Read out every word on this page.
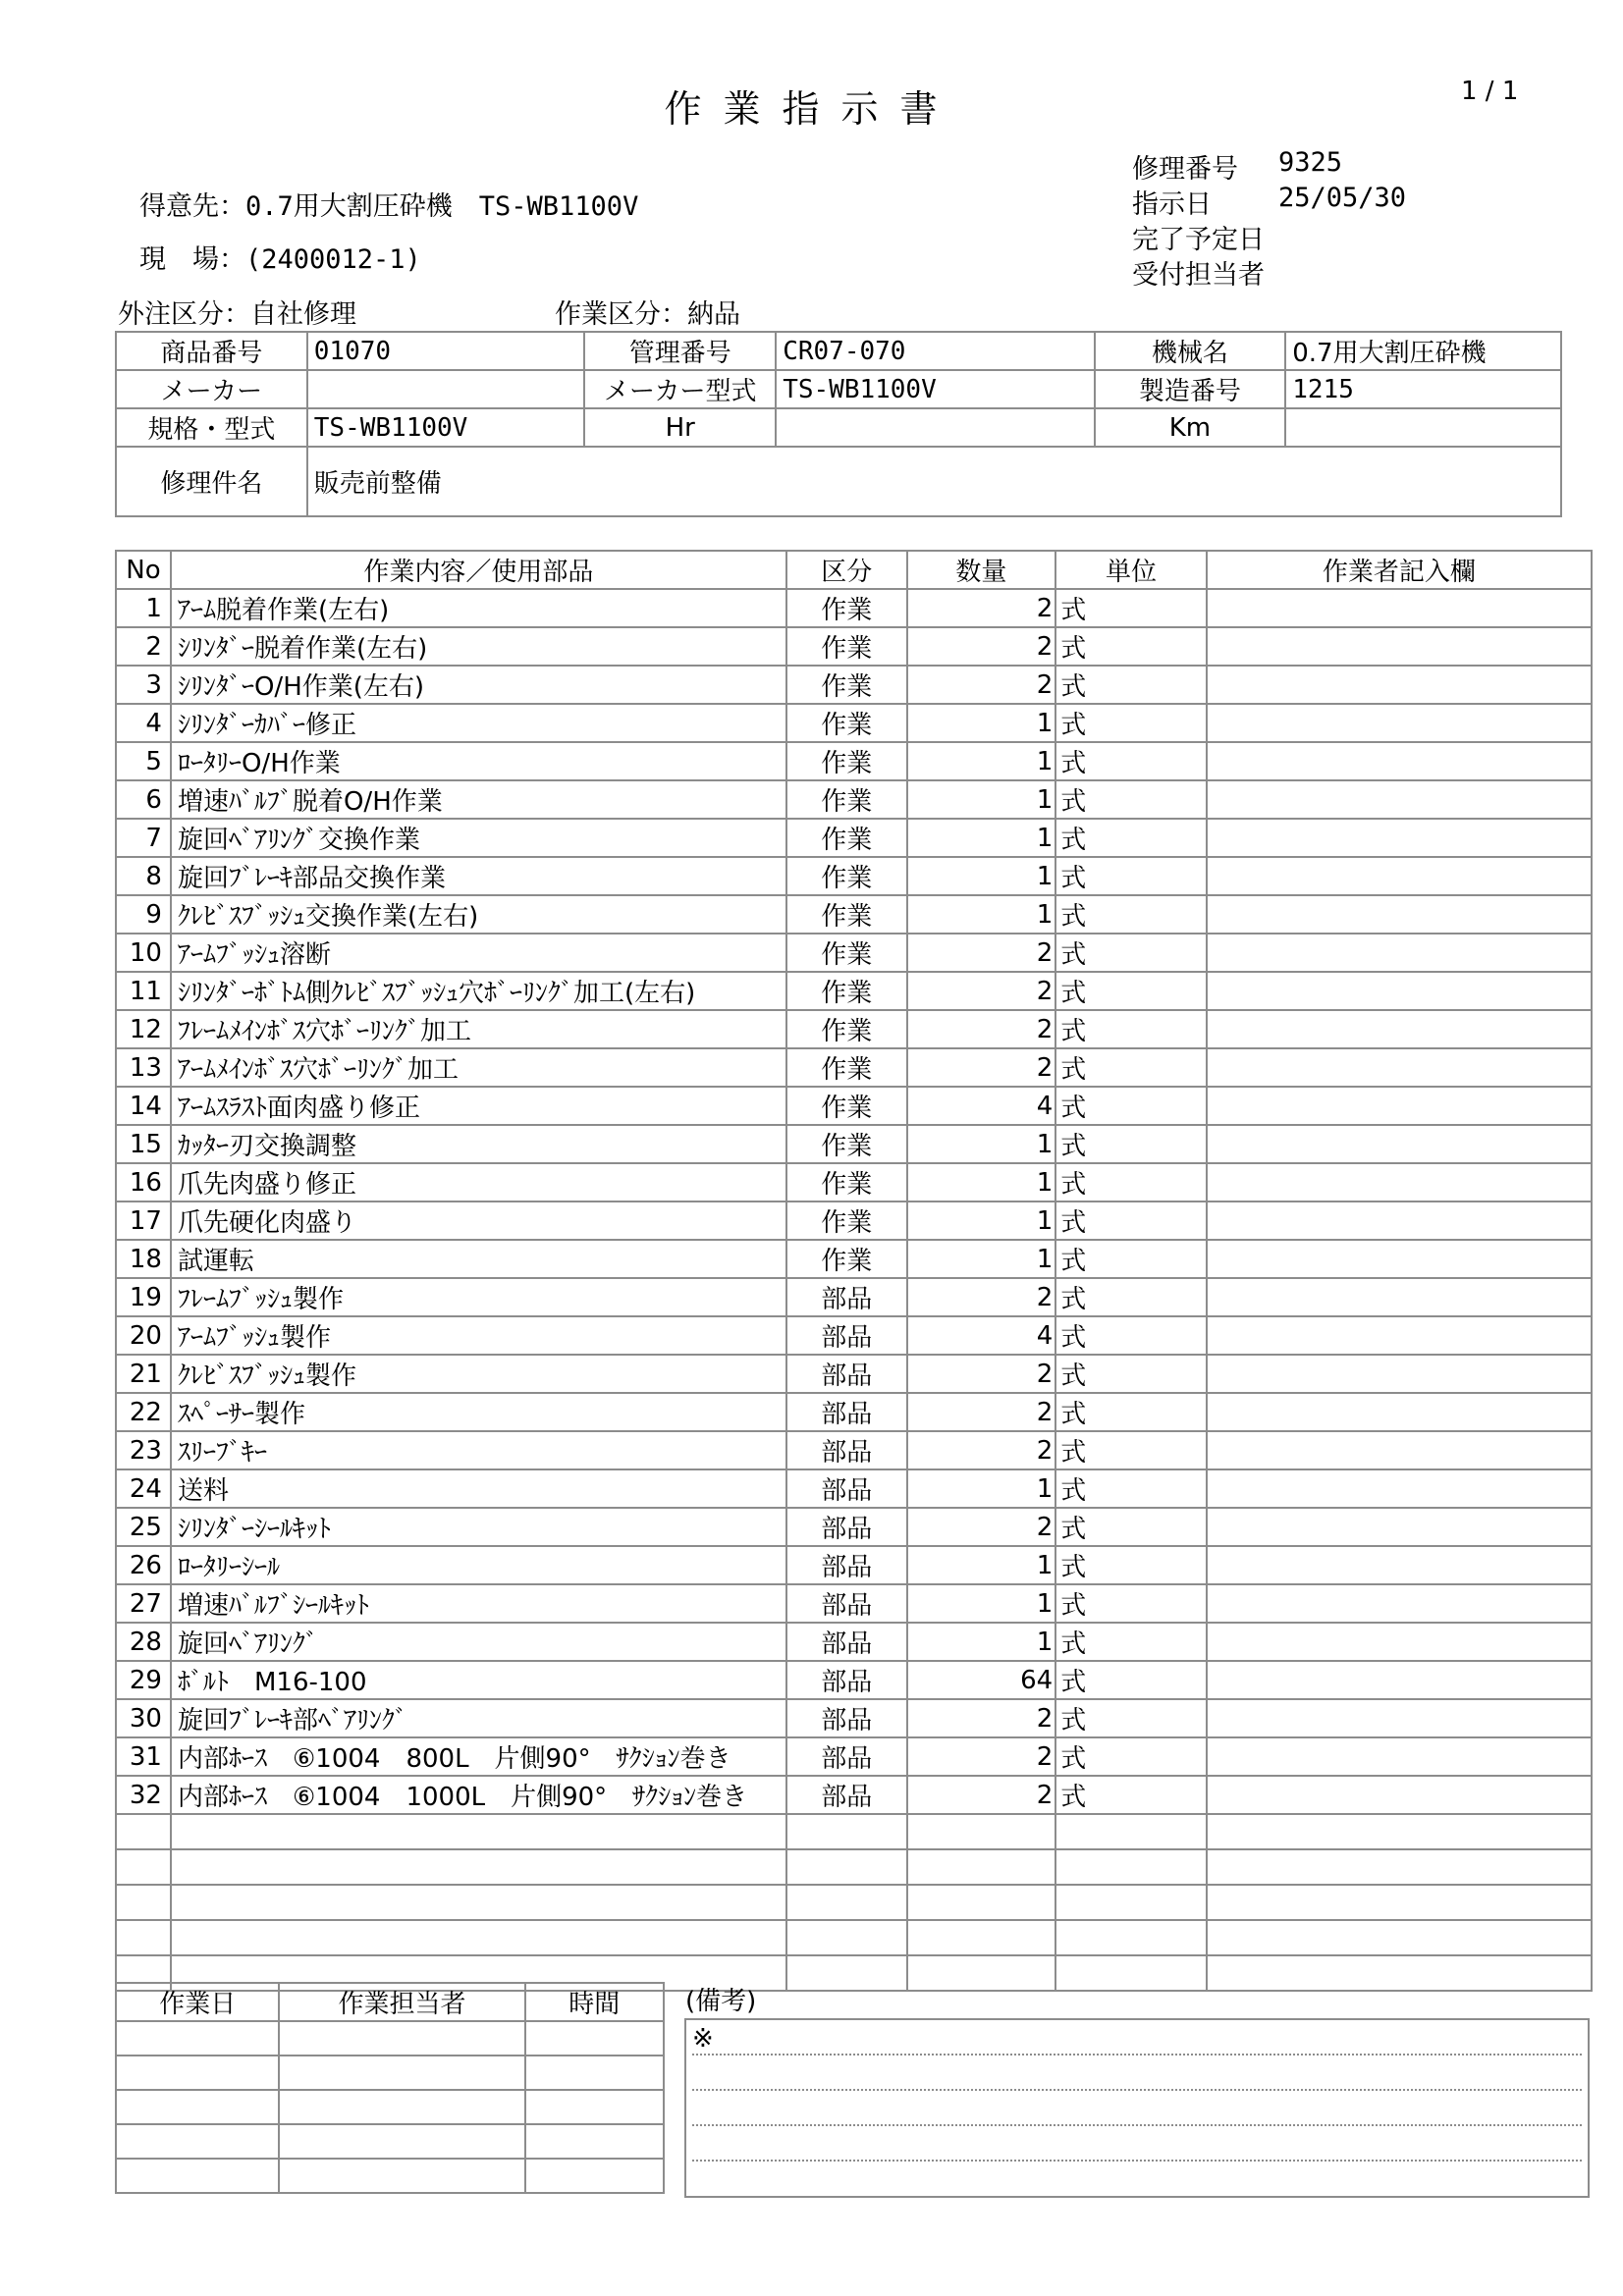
作業指示書	1 / 1
得意先：0.7用大割圧砕機　TS-WB1100V
現　場：(2400012-1)
修理番号 9325
指示日	25/05/30
完了予定日
受付担当者
外注区分：自社修理	作業区分：納品
商品番号	01070	管理番号	CR07-070	機械名	0.7用大割圧砕機
メーカー		メーカー型式	TS-WB1100V	製造番号	1215
規格・型式	TS-WB1100V	Hr		Km	
修理件名	販売前整備				
No	作業内容／使用部品	区分	数量	単位	作業者記入欄
1	ｱｰﾑ脱着作業(左右)	作業	2	式	
2	ｼﾘﾝﾀﾞｰ脱着作業(左右)	作業	2	式	
3	ｼﾘﾝﾀﾞｰO/H作業(左右)	作業	2	式	
4	ｼﾘﾝﾀﾞｰｶﾊﾞｰ修正	作業	1	式	
5	ﾛｰﾀﾘｰO/H作業	作業	1	式	
6	増速ﾊﾞﾙﾌﾞ脱着O/H作業	作業	1	式	
7	旋回ﾍﾞｱﾘﾝｸﾞ交換作業	作業	1	式	
8	旋回ﾌﾞﾚｰｷ部品交換作業	作業	1	式	
9	ｸﾚﾋﾞｽﾌﾞｯｼｭ交換作業(左右)	作業	1	式	
10	ｱｰﾑﾌﾞｯｼｭ溶断	作業	2	式	
11	ｼﾘﾝﾀﾞｰﾎﾞﾄﾑ側ｸﾚﾋﾞｽﾌﾞｯｼｭ穴ﾎﾞｰﾘﾝｸﾞ加工(左右)	作業	2	式	
12	ﾌﾚｰﾑﾒｲﾝﾎﾞｽ穴ﾎﾞｰﾘﾝｸﾞ加工	作業	2	式	
13	ｱｰﾑﾒｲﾝﾎﾞｽ穴ﾎﾞｰﾘﾝｸﾞ加工	作業	2	式	
14	ｱｰﾑｽﾗｽﾄ面肉盛り修正	作業	4	式	
15	ｶｯﾀｰ刃交換調整	作業	1	式	
16	爪先肉盛り修正	作業	1	式	
17	爪先硬化肉盛り	作業	1	式	
18	試運転	作業	1	式	
19	ﾌﾚｰﾑﾌﾞｯｼｭ製作	部品	2	式	
20	ｱｰﾑﾌﾞｯｼｭ製作	部品	4	式	
21	ｸﾚﾋﾞｽﾌﾞｯｼｭ製作	部品	2	式	
22	ｽﾍﾟｰｻｰ製作	部品	2	式	
23	ｽﾘｰﾌﾞｷｰ	部品	2	式	
24	送料	部品	1	式	
25	ｼﾘﾝﾀﾞｰｼｰﾙｷｯﾄ	部品	2	式	
26	ﾛｰﾀﾘｰｼｰﾙ	部品	1	式	
27	増速ﾊﾞﾙﾌﾞｼｰﾙｷｯﾄ	部品	1	式	
28	旋回ﾍﾞｱﾘﾝｸﾞ	部品	1	式	
29	ﾎﾞﾙﾄ　M16-100	部品	64	式	
30	旋回ﾌﾞﾚｰｷ部ﾍﾞｱﾘﾝｸﾞ	部品	2	式	
31	内部ﾎｰｽ　⑥1004　800L　片側90°　ｻｸｼｮﾝ巻き	部品	2	式	
32	内部ﾎｰｽ　⑥1004　1000L　片側90°　ｻｸｼｮﾝ巻き	部品	2	式	

作業日	作業担当者	時間

			(備考)
※
